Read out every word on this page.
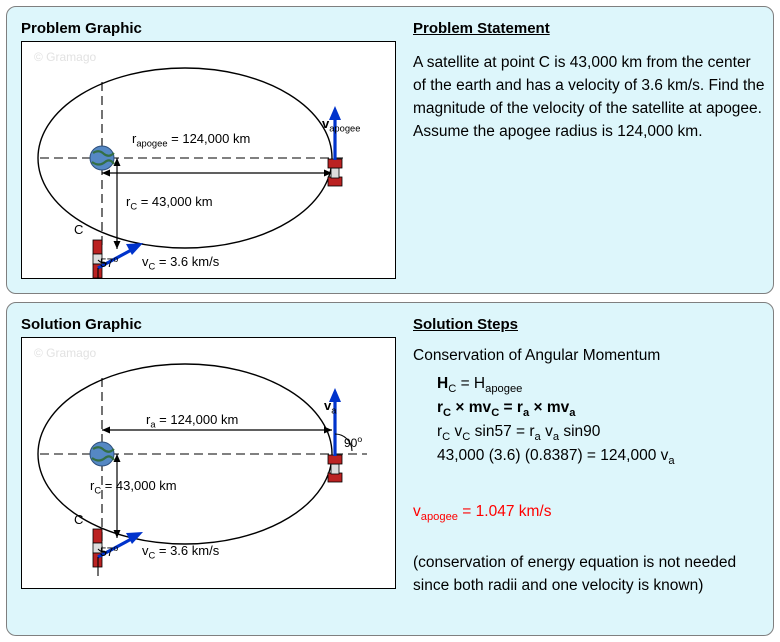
Problem Graphic	Problem Statement
© Gramago
$v_{apogee}$
$r_{apogee} = 124,000$ km
$r_C = 43,000$ km
C
57$^o$ $v_C = 3.6$ km/s
A satellite at point C is 43,000 km from the center of the earth and has a velocity of 3.6 km/s. Find the magnitude of the velocity of the satellite at apogee. Assume the apogee radius is 124,000 km.
Solution Graphic	Solution Steps
© Gramago
$v_a$
90$^o$
$r_a = 124,000$ km
$r_C = 43,000$ km
C
57$^o$ $v_C = 3.6$ km/s
Conservation of Angular Momentum
$H_C = H_{apogee}$
$r_C \times mv_C = r_a \times mv_a$
$r_C$ $v_C$ $\sin 57 = r_a$ $v_a$ sin90
43,000 (3.6) (0.8387) = 124,000 $v_a$
$v_{apogee} = 1.047$ km/s
(conservation of energy equation is not needed since both radii and one velocity is known)
